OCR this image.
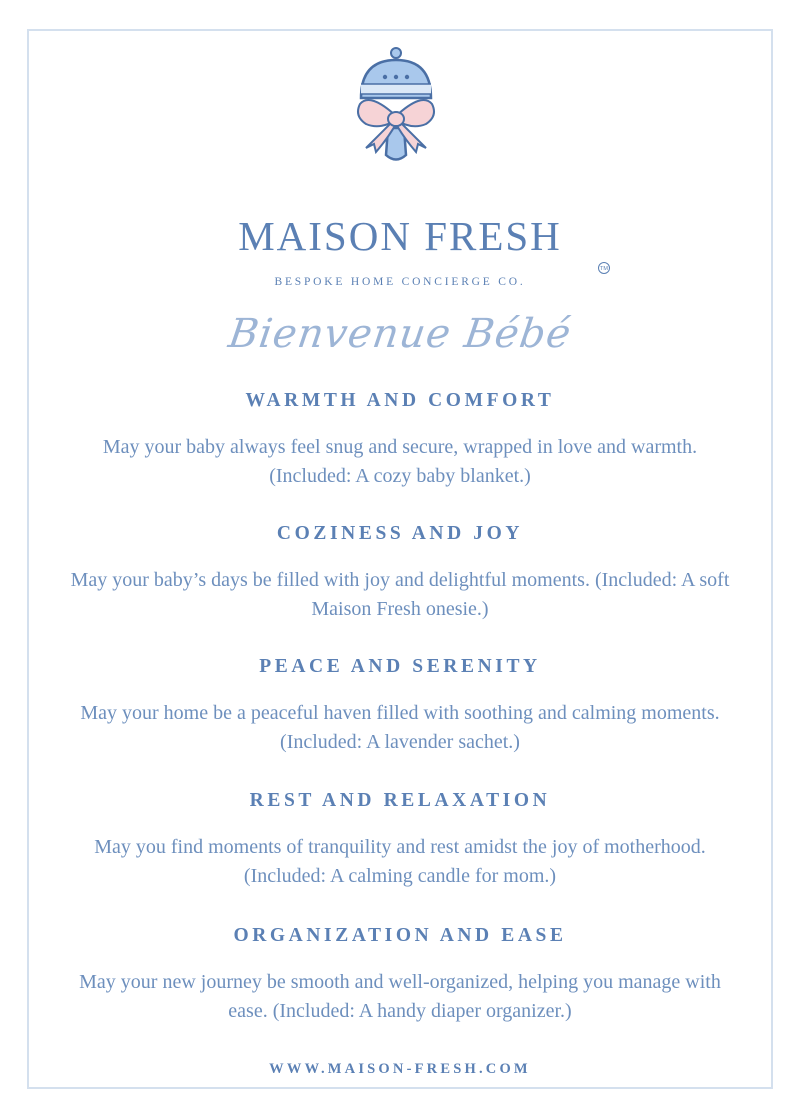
MAISON FRESH
BESPOKE HOME CONCIERGE CO.
TM
Bienvenue Bébé
WARMTH AND COMFORT
May your baby always feel snug and secure, wrapped in love and warmth. (Included: A cozy baby blanket.)
COZINESS AND JOY
May your baby’s days be filled with joy and delightful moments. (Included: A soft Maison Fresh onesie.)
PEACE AND SERENITY
May your home be a peaceful haven filled with soothing and calming moments. (Included: A lavender sachet.)
REST AND RELAXATION
May you find moments of tranquility and rest amidst the joy of motherhood. (Included: A calming candle for mom.)
ORGANIZATION AND EASE
May your new journey be smooth and well-organized, helping you manage with ease. (Included: A handy diaper organizer.)
WWW.MAISON-FRESH.COM
